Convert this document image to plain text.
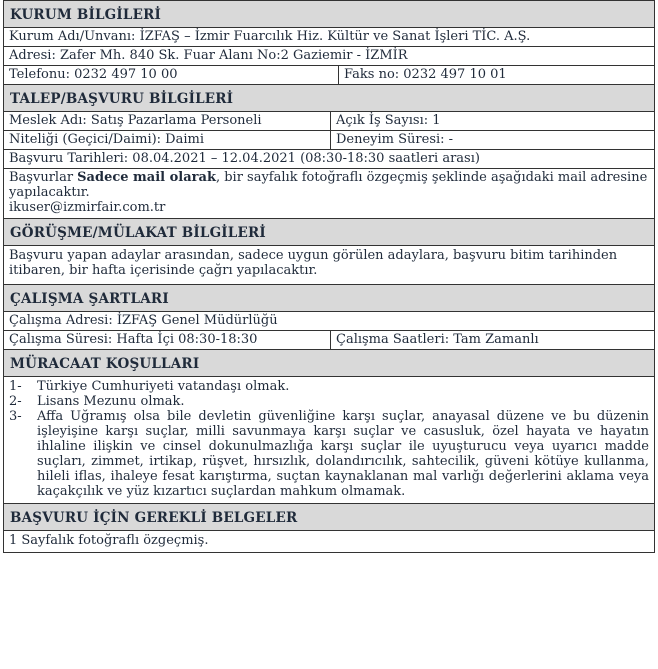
KURUM BİLGİLERİ
Kurum Adı/Unvanı: İZFAŞ – İzmir Fuarcılık Hiz. Kültür ve Sanat İşleri TİC. A.Ş.
Adresi: Zafer Mh. 840 Sk. Fuar Alanı No:2 Gaziemir - İZMİR
Telefonu: 0232 497 10 00	Faks no: 0232 497 10 01
TALEP/BAŞVURU BİLGİLERİ
Meslek Adı: Satış Pazarlama Personeli	Açık İş Sayısı: 1
Niteliği (Geçici/Daimi): Daimi	Deneyim Süresi: -
Başvuru Tarihleri: 08.04.2021 – 12.04.2021 (08:30-18:30 saatleri arası)
Başvurlar Sadece mail olarak, bir sayfalık fotoğraflı özgeçmiş şeklinde aşağıdaki mail adresine yapılacaktır.
ikuser@izmirfair.com.tr
GÖRÜŞME/MÜLAKAT BİLGİLERİ
Başvuru yapan adaylar arasından, sadece uygun görülen adaylara, başvuru bitim tarihinden itibaren, bir hafta içerisinde çağrı yapılacaktır.
ÇALIŞMA ŞARTLARI
Çalışma Adresi: İZFAŞ Genel Müdürlüğü
Çalışma Süresi: Hafta İçi 08:30-18:30	Çalışma Saatleri: Tam Zamanlı
MÜRACAAT KOŞULLARI
1-	Türkiye Cumhuriyeti vatandaşı olmak.
2-	Lisans Mezunu olmak.
3-	Affa Uğramış olsa bile devletin güvenliğine karşı suçlar, anayasal düzene ve bu düzenin işleyişine karşı suçlar, milli savunmaya karşı suçlar ve casusluk, özel hayata ve hayatın ihlaline ilişkin ve cinsel dokunulmazlığa karşı suçlar ile uyuşturucu veya uyarıcı madde suçları, zimmet, irtikap, rüşvet, hırsızlık, dolandırıcılık, sahtecilik, güveni kötüye kullanma, hileli iflas, ihaleye fesat karıştırma, suçtan kaynaklanan mal varlığı değerlerini aklama veya kaçakçılık ve yüz kızartıcı suçlardan mahkum olmamak.
BAŞVURU İÇİN GEREKLİ BELGELER
1 Sayfalık fotoğraflı özgeçmiş.
